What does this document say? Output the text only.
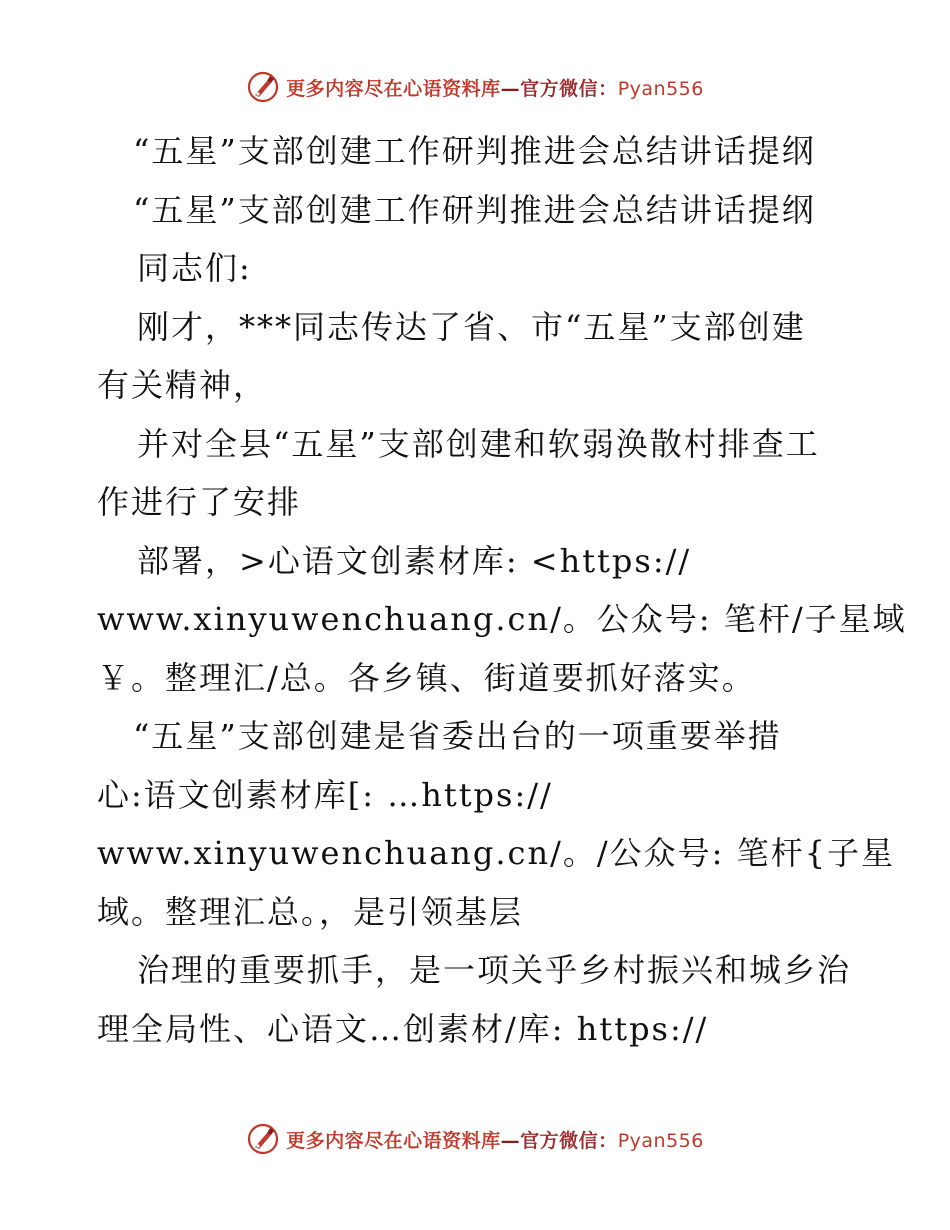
更多内容尽在心语资料库—官方微信：Pyan556
“五星”支部创建工作研判推进会总结讲话提纲
“五星”支部创建工作研判推进会总结讲话提纲
同志们:
刚才，***同志传达了省、市“五星”支部创建
有关精神，
并对全县“五星”支部创建和软弱涣散村排查工
作进行了安排
部署，>心语文创素材库: <https://
www.xinyuwenchuang.cn/。公众号: 笔杆/子星域
￥。整理汇/总。各乡镇、街道要抓好落实。
“五星”支部创建是省委出台的一项重要举措
心:语文创素材库[: …https://
www.xinyuwenchuang.cn/。/公众号: 笔杆{子星
域。整理汇总。，是引领基层
治理的重要抓手，是一项关乎乡村振兴和城乡治
理全局性、心语文…创素材/库: https://
更多内容尽在心语资料库—官方微信：Pyan556
